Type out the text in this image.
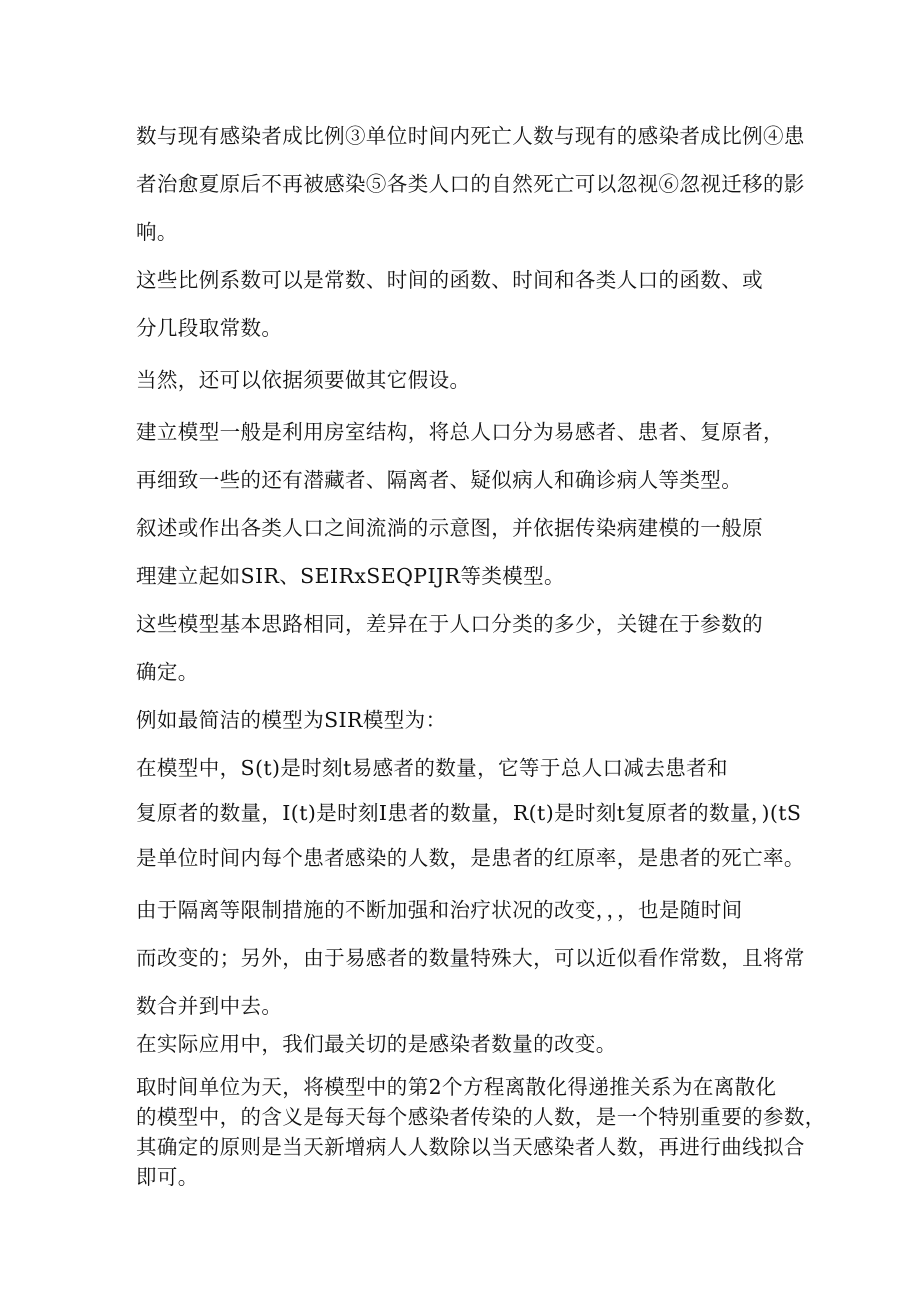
数与现有感染者成比例③单位时间内死亡人数与现有的感染者成比例④患
者治愈夏原后不再被感染⑤各类人口的自然死亡可以忽视⑥忽视迁移的影
响。

这些比例系数可以是常数、时间的函数、时间和各类人口的函数、或
分几段取常数。

当然，还可以依据须要做其它假设。

建立模型一般是利用房室结构，将总人口分为易感者、患者、复原者，
再细致一些的还有潜藏者、隔离者、疑似病人和确诊病人等类型。

叙述或作出各类人口之间流淌的示意图，并依据传染病建模的一般原
理建立起如SIR、SEIRxSEQPIJR等类模型。

这些模型基本思路相同，差异在于人口分类的多少，关键在于参数的
确定。

例如最简洁的模型为SIR模型为：

在模型中，S(t)是时刻t易感者的数量，它等于总人口减去患者和
复原者的数量，I(t)是时刻I患者的数量，R(t)是时刻t复原者的数量，)(tS
是单位时间内每个患者感染的人数，是患者的红原率，是患者的死亡率。

由于隔离等限制措施的不断加强和治疗状况的改变，，，也是随时间
而改变的；另外，由于易感者的数量特殊大，可以近似看作常数，且将常
数合并到中去。

在实际应用中，我们最关切的是感染者数量的改变。

取时间单位为天，将模型中的第2个方程离散化得递推关系为在离散化
的模型中，的含义是每天每个感染者传染的人数，是一个特别重要的参数，
其确定的原则是当天新增病人人数除以当天感染者人数，再进行曲线拟合
即可。
